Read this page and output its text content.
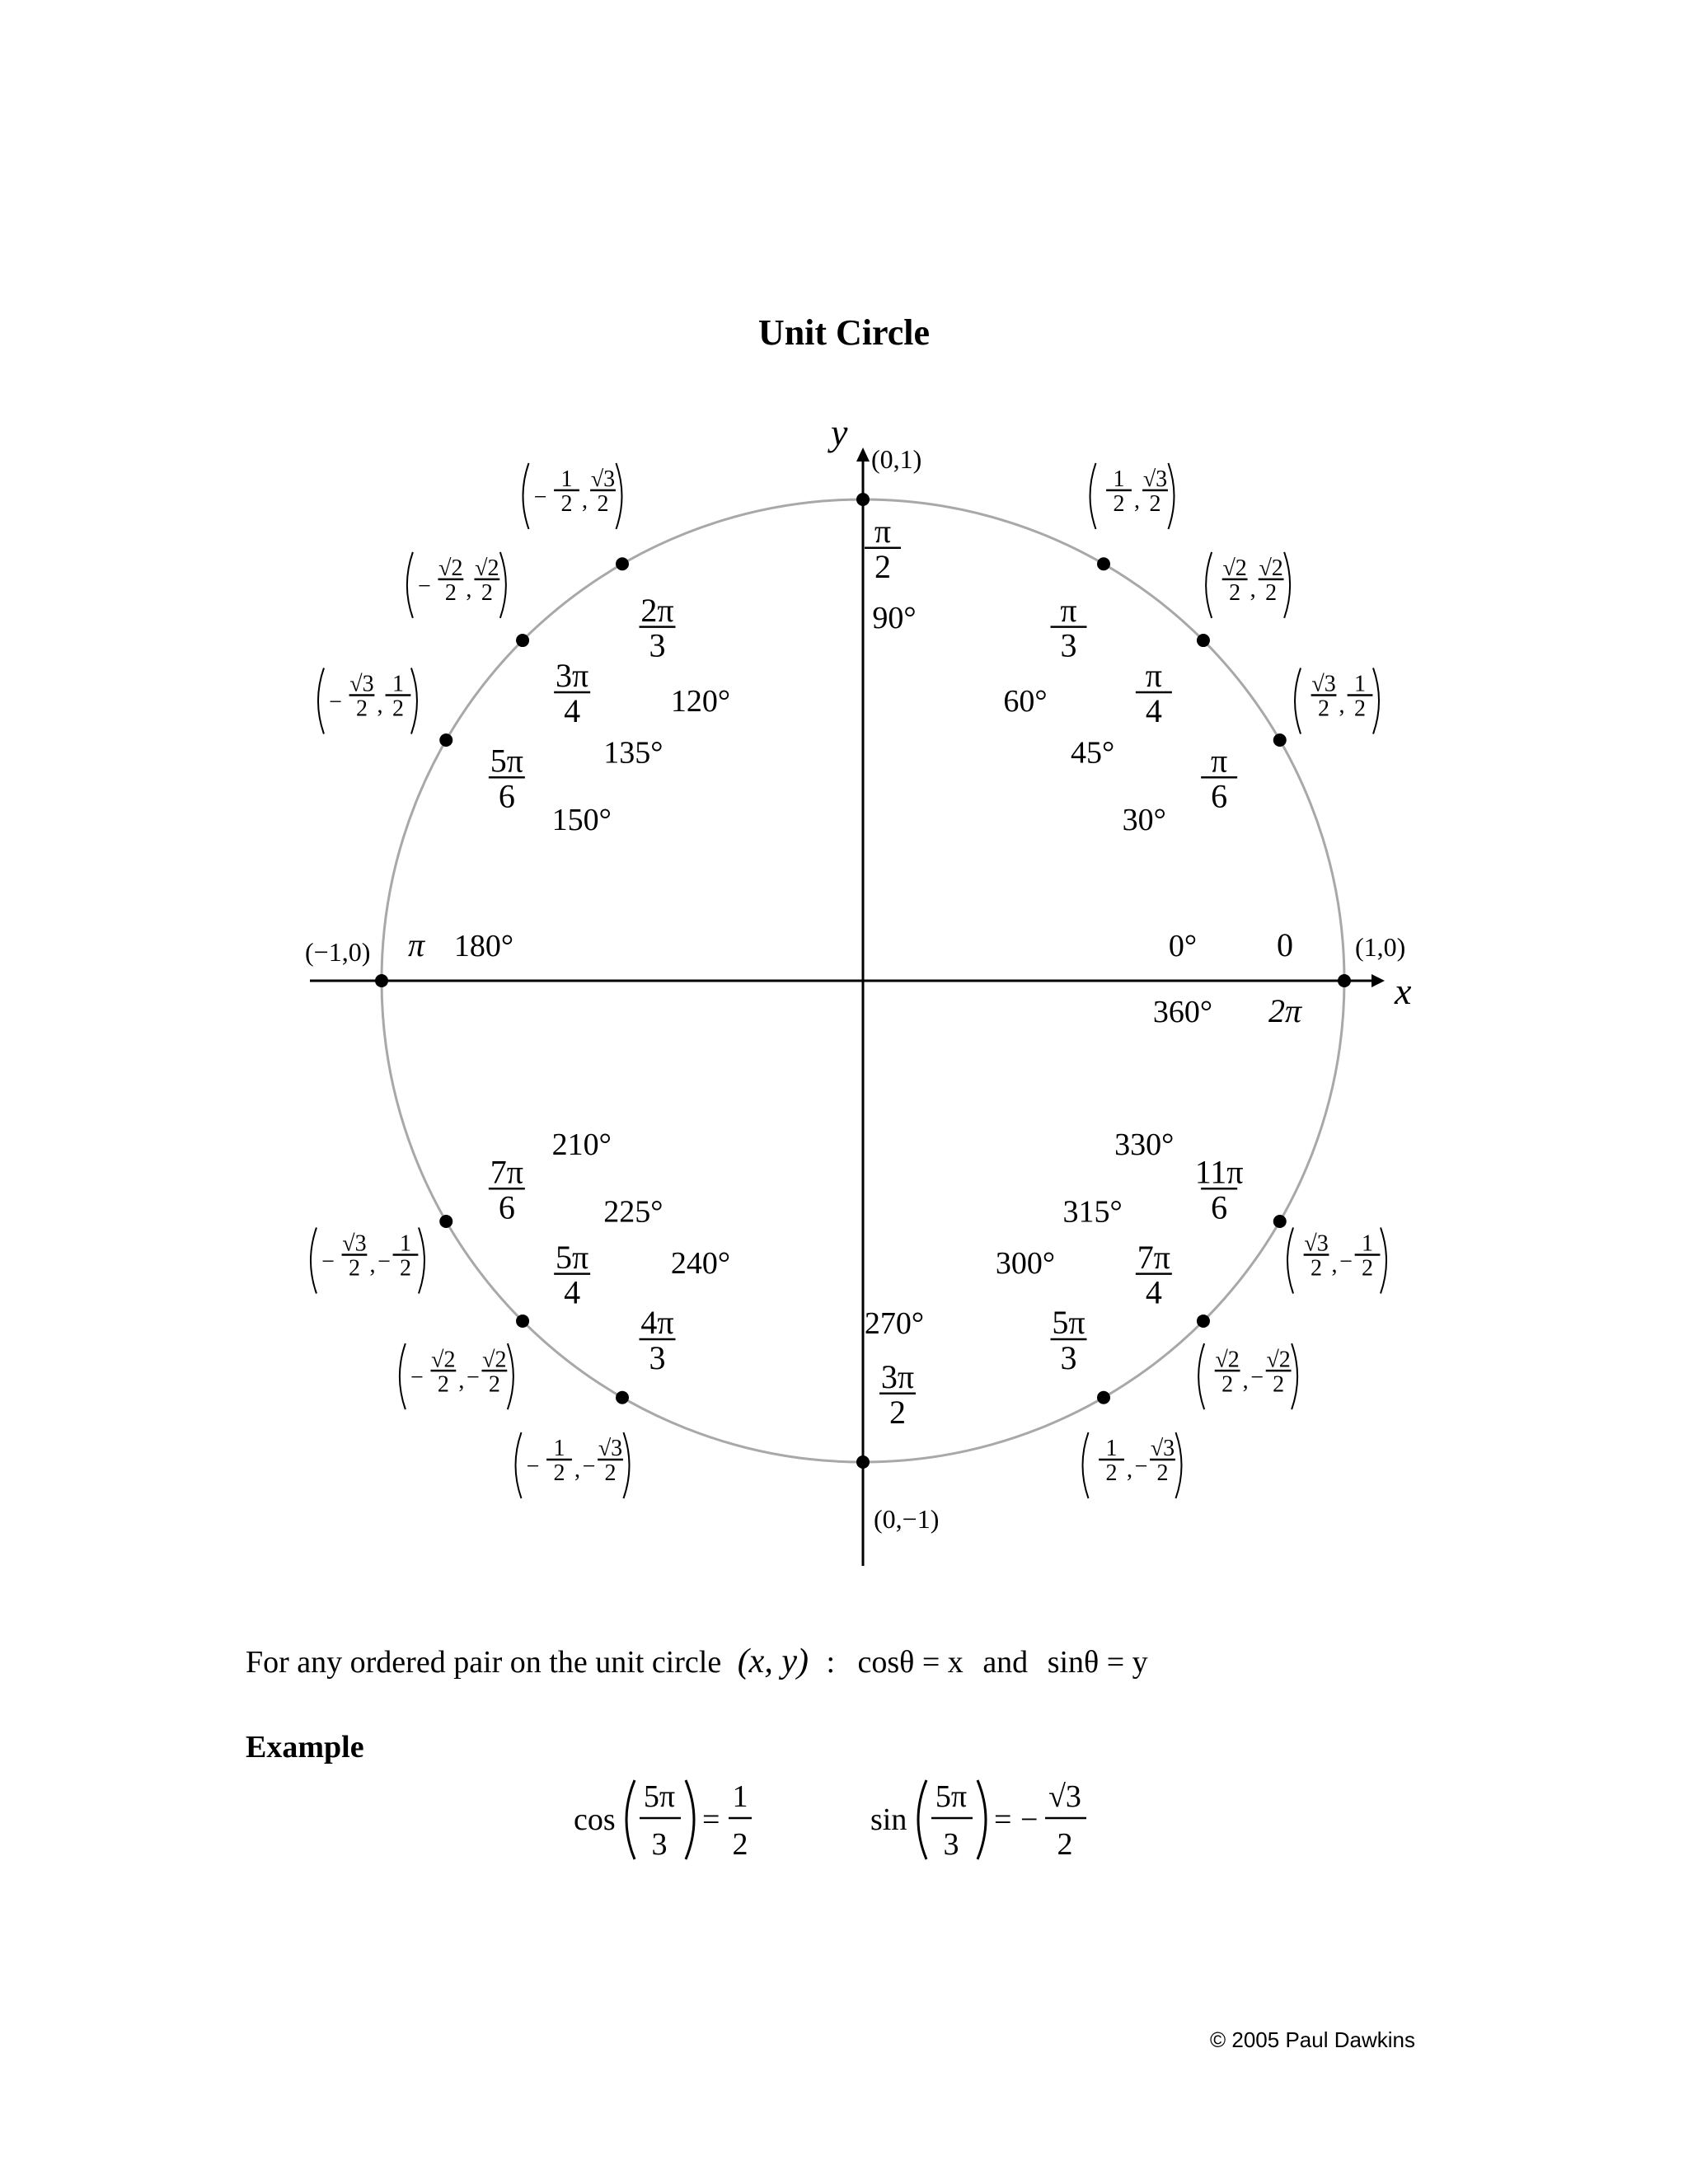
Unit Circle
x
y
0
0°
2π
360°
π
6
30°
π
4
45°
π
3
60°
π
2
90°
2π
3
120°
3π
4
135°
5π
6
150°
π 180°
7π
6
210°
5π
4
225°
4π
3
240°
270°
3π
2
5π
3
300° 7π
4
315°
11π
6
330°
√3
2 ,
1
2
√2
2 ,
√2
2
1
2 ,
√3
2
−
1
2 ,
√3
2
−
√2
2 ,
√2
2
−
√3
2 ,
1
2
−
√3
2 , −
1
2
−
√2
2 , −
√2
2
−
1
2 , −
√3
2
1
2 , −
√3
2
√2
2 , −
√2
2
√3
2 , −
1
2
(0,1)
(−1,0)	(1,0)
(0,−1)
For any ordered pair on the unit circle (x, y) : cosθ = x and sinθ = y
Example
cos
5π
3
=
1
2
sin
5π
3
= −
√3
2
© 2005 Paul Dawkins
